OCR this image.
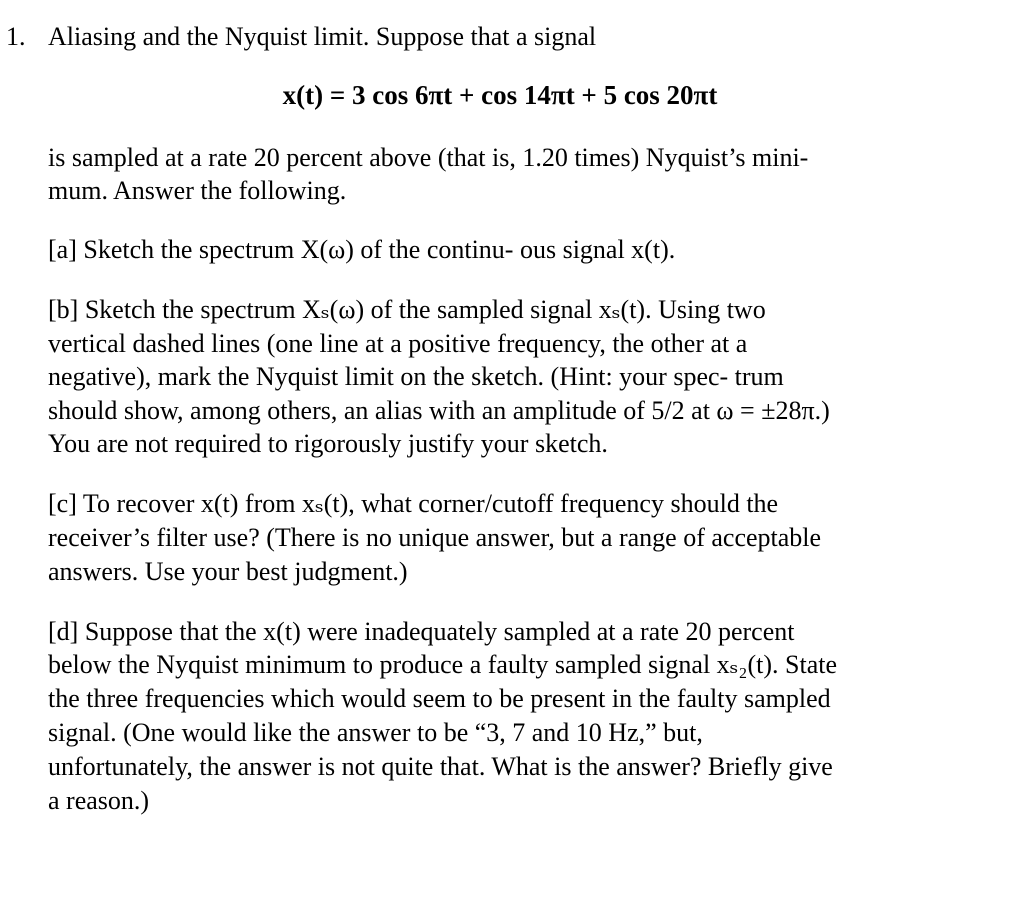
1. Aliasing and the Nyquist limit. Suppose that a signal
x(t) = 3 cos 6πt + cos 14πt + 5 cos 20πt
is sampled at a rate 20 percent above (that is, 1.20 times) Nyquist’s mini-
mum. Answer the following.
[a] Sketch the spectrum X(ω) of the continu- ous signal x(t).
[b] Sketch the spectrum Xₛ(ω) of the sampled signal xₛ(t). Using two
vertical dashed lines (one line at a positive frequency, the other at a
negative), mark the Nyquist limit on the sketch. (Hint: your spec- trum
should show, among others, an alias with an amplitude of 5/2 at ω = ±28π.)
You are not required to rigorously justify your sketch.
[c] To recover x(t) from xₛ(t), what corner/cutoff frequency should the
receiver’s filter use? (There is no unique answer, but a range of acceptable
answers. Use your best judgment.)
[d] Suppose that the x(t) were inadequately sampled at a rate 20 percent
below the Nyquist minimum to produce a faulty sampled signal xₛ₂(t). State
the three frequencies which would seem to be present in the faulty sampled
signal. (One would like the answer to be “3, 7 and 10 Hz,” but,
unfortunately, the answer is not quite that. What is the answer? Briefly give
a reason.)
